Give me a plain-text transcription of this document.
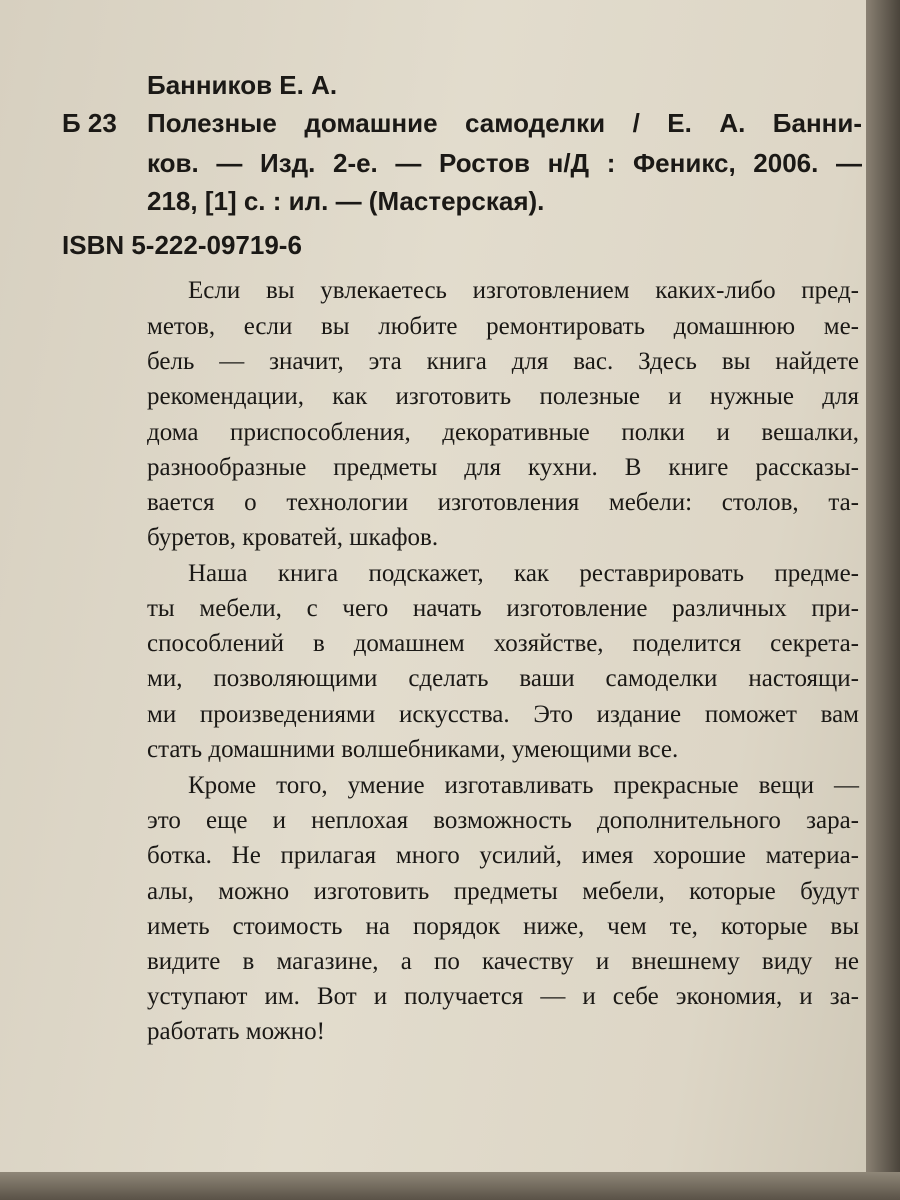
Банников Е. А.
Б 23 Полезные домашние самоделки / Е. А. Банни-
ков. — Изд. 2-е. — Ростов н/Д : Феникс, 2006. —
218, [1] с. : ил. — (Мастерская).
ISBN 5-222-09719-6
Если вы увлекаетесь изготовлением каких-либо пред-
метов, если вы любите ремонтировать домашнюю ме-
бель — значит, эта книга для вас. Здесь вы найдете
рекомендации, как изготовить полезные и нужные для
дома приспособления, декоративные полки и вешалки,
разнообразные предметы для кухни. В книге рассказы-
вается о технологии изготовления мебели: столов, та-
буретов, кроватей, шкафов.
Наша книга подскажет, как реставрировать предме-
ты мебели, с чего начать изготовление различных при-
способлений в домашнем хозяйстве, поделится секрета-
ми, позволяющими сделать ваши самоделки настоящи-
ми произведениями искусства. Это издание поможет вам
стать домашними волшебниками, умеющими все.
Кроме того, умение изготавливать прекрасные вещи —
это еще и неплохая возможность дополнительного зара-
ботка. Не прилагая много усилий, имея хорошие материа-
алы, можно изготовить предметы мебели, которые будут
иметь стоимость на порядок ниже, чем те, которые вы
видите в магазине, а по качеству и внешнему виду не
уступают им. Вот и получается — и себе экономия, и за-
работать можно!
